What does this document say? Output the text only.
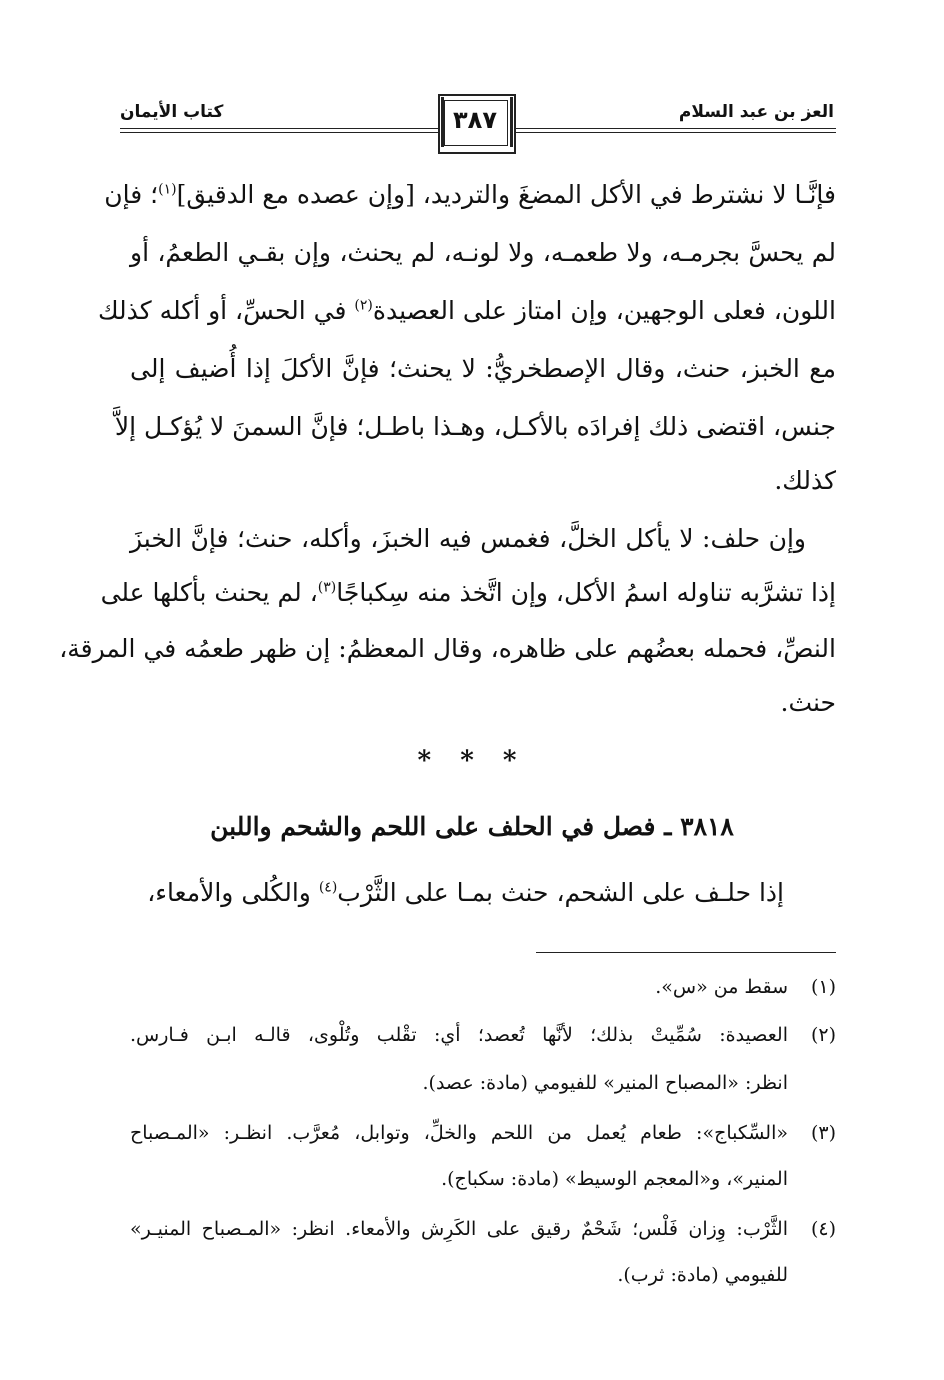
العز بن عبد السلام
كتاب الأيمان	٣٨٧
فإنَّـا لا نشترط في الأكل المضغَ والترديد، [وإن عصده مع الدقيق]$^{(١)}$؛ فإن
لم يحسَّ بجرمـه، ولا طعمـه، ولا لونـه، لم يحنث، وإن بقـي الطعمُ، أو
اللون، فعلى الوجهين، وإن امتاز على العصيدة$^{(٢)}$ في الحسِّ، أو أكله كذلك
مع الخبز، حنث، وقال الإصطخريُّ: لا يحنث؛ فإنَّ الأكلَ إذا أُضيف إلى
جنس، اقتضى ذلك إفرادَه بالأكـل، وهـذا باطـل؛ فإنَّ السمنَ لا يُؤكـل إلاَّ
كذلك.
وإن حلف: لا يأكل الخلَّ، فغمس فيه الخبزَ، وأكله، حنث؛ فإنَّ الخبزَ
إذا تشرَّبه تناوله اسمُ الأكل، وإن اتَّخذ منه سِكباجًا$^{(٣)}$، لم يحنث بأكلها على
النصِّ، فحمله بعضُهم على ظاهره، وقال المعظمُ: إن ظهر طعمُه في المرقة،
حنث.
* * *
٣٨١٨ ـ فصل في الحلف على اللحم والشحم واللبن
إذا حلـف على الشحم، حنث بمـا على الثَّرْب$^{(٤)}$ والكُلى والأمعاء،
(١)سقط من «س».
(٢)العصيدة: سُمِّيتْ بذلك؛ لأنَّها تُعصد؛ أي: تقْلب وتُلْوى، قالـه ابـن فـارس.
انظر: «المصباح المنير» للفيومي (مادة: عصد).
(٣)«السِّكباج»: طعام يُعمل من اللحم والخلِّ، وتوابل، مُعرَّب. انظـر: «المـصباح
المنير»، و«المعجم الوسيط» (مادة: سكباج).
(٤)الثَّرْب: وِزان فَلْس؛ شَحْمٌ رقيق على الكَرِش والأمعاء. انظر: «المـصباح المنيـر»
للفيومي (مادة: ثرب).
